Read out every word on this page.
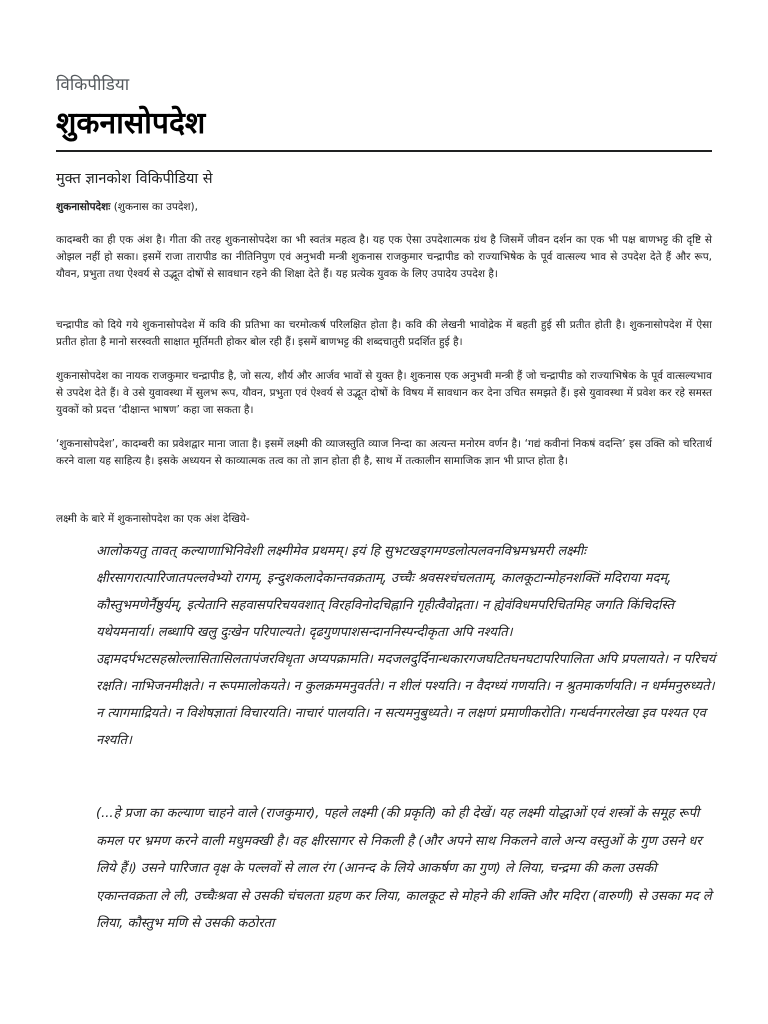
विकिपीडिया
शुकनासोपदेश
मुक्त ज्ञानकोश विकिपीडिया से
शुकनासोपदेशः (शुकनास का उपदेश),
कादम्बरी का ही एक अंश है। गीता की तरह शुकनासोपदेश का भी स्वतंत्र महत्व है। यह एक ऐसा उपदेशात्मक ग्रंथ है जिसमें जीवन दर्शन का एक भी पक्ष बाणभट्ट की दृष्टि से ओझल नहीं हो सका। इसमें राजा तारापीड का नीतिनिपुण एवं अनुभवी मन्त्री शुकनास राजकुमार चन्द्रापीड को राज्याभिषेक के पूर्व वात्सल्य भाव से उपदेश देते हैं और रूप, यौवन, प्रभुता तथा ऐश्वर्य से उद्भूत दोषों से सावधान रहने की शिक्षा देते हैं। यह प्रत्येक युवक के लिए उपादेय उपदेश है।
चन्द्रापीड को दिये गये शुकनासोपदेश में कवि की प्रतिभा का चरमोत्कर्ष परिलक्षित होता है। कवि की लेखनी भावोद्रेक में बहती हुई सी प्रतीत होती है। शुकनासोपदेश में ऐसा प्रतीत होता है मानो सरस्वती साक्षात मूर्तिमती होकर बोल रही हैं। इसमें बाणभट्ट की शब्दचातुरी प्रदर्शित हुई है।
शुकनासोपदेश का नायक राजकुमार चन्द्रापीड है, जो सत्य, शौर्य और आर्जव भावों से युक्त है। शुकनास एक अनुभवी मन्त्री हैं जो चन्द्रापीड को राज्याभिषेक के पूर्व वात्सल्यभाव से उपदेश देते हैं। वे उसे युवावस्था में सुलभ रूप, यौवन, प्रभुता एवं ऐश्वर्य से उद्भूत दोषों के विषय में सावधान कर देना उचित समझते हैं। इसे युवावस्था में प्रवेश कर रहे समस्त युवकों को प्रदत्त ‘दीक्षान्त भाषण’ कहा जा सकता है।
‘शुकनासोपदेश’, कादम्बरी का प्रवेशद्वार माना जाता है। इसमें लक्ष्मी की व्याजस्तुति व्याज निन्दा का अत्यन्त मनोरम वर्णन है। ‘गद्यं कवीनां निकषं वदन्ति’ इस उक्ति को चरितार्थ करने वाला यह साहित्य है। इसके अध्ययन से काव्यात्मक तत्व का तो ज्ञान होता ही है, साथ में तत्कालीन सामाजिक ज्ञान भी प्राप्त होता है।
लक्ष्मी के बारे में शुकनासोपदेश का एक अंश देखिये-
आलोकयतु तावत् कल्याणाभिनिवेशी लक्ष्मीमेव प्रथमम्। इयं हि सुभटखड्गमण्डलोत्पलवनविभ्रमभ्रमरी लक्ष्मीः क्षीरसागरात्पारिजातपल्लवेभ्यो रागम्, इन्दुशकलादेकान्तवक्रताम्, उच्चैः श्रवसश्चंचलताम्, कालकूटान्मोहनशक्तिं मदिराया मदम्, कौस्तुभमणेर्नैष्ठुर्यम्, इत्येतानि सहवासपरिचयवशात् विरहविनोदचिह्नानि गृहीत्वैवोद्गता। न ह्येवंविधमपरिचितमिह जगति किंचिदस्ति यथेयमनार्या। लब्धापि खलु दुःखेन परिपाल्यते। दृढगुणपाशसन्दाननिस्पन्दीकृता अपि नश्यति। उद्दामदर्पभटसहस्रोल्लासितासिलतापंजरविधृता अप्यपक्रामति। मदजलदुर्दिनान्धकारगजघटितघनघटापरिपालिता अपि प्रपलायते। न परिचयं रक्षति। नाभिजनमीक्षते। न रूपमालोकयते। न कुलक्रममनुवर्तते। न शीलं पश्यति। न वैदग्ध्यं गणयति। न श्रुतमाकर्णयति। न धर्ममनुरुध्यते। न त्यागमाद्रियते। न विशेषज्ञातां विचारयति। नाचारं पालयति। न सत्यमनुबुध्यते। न लक्षणं प्रमाणीकरोति। गन्धर्वनगरलेखा इव पश्यत एव नश्यति।
(...हे प्रजा का कल्याण चाहने वाले (राजकुमार), पहले लक्ष्मी (की प्रकृति) को ही देखें। यह लक्ष्मी योद्धाओं एवं शस्त्रों के समूह रूपी कमल पर भ्रमण करने वाली मधुमक्खी है। वह क्षीरसागर से निकली है (और अपने साथ निकलने वाले अन्य वस्तुओं के गुण उसने धर लिये हैं।) उसने पारिजात वृक्ष के पल्लवों से लाल रंग (आनन्द के लिये आकर्षण का गुण) ले लिया, चन्द्रमा की कला उसकी एकान्तवक्रता ले ली, उच्चैःश्रवा से उसकी चंचलता ग्रहण कर लिया, कालकूट से मोहने की शक्ति और मदिरा (वारुणी) से उसका मद ले लिया, कौस्तुभ मणि से उसकी कठोरता
